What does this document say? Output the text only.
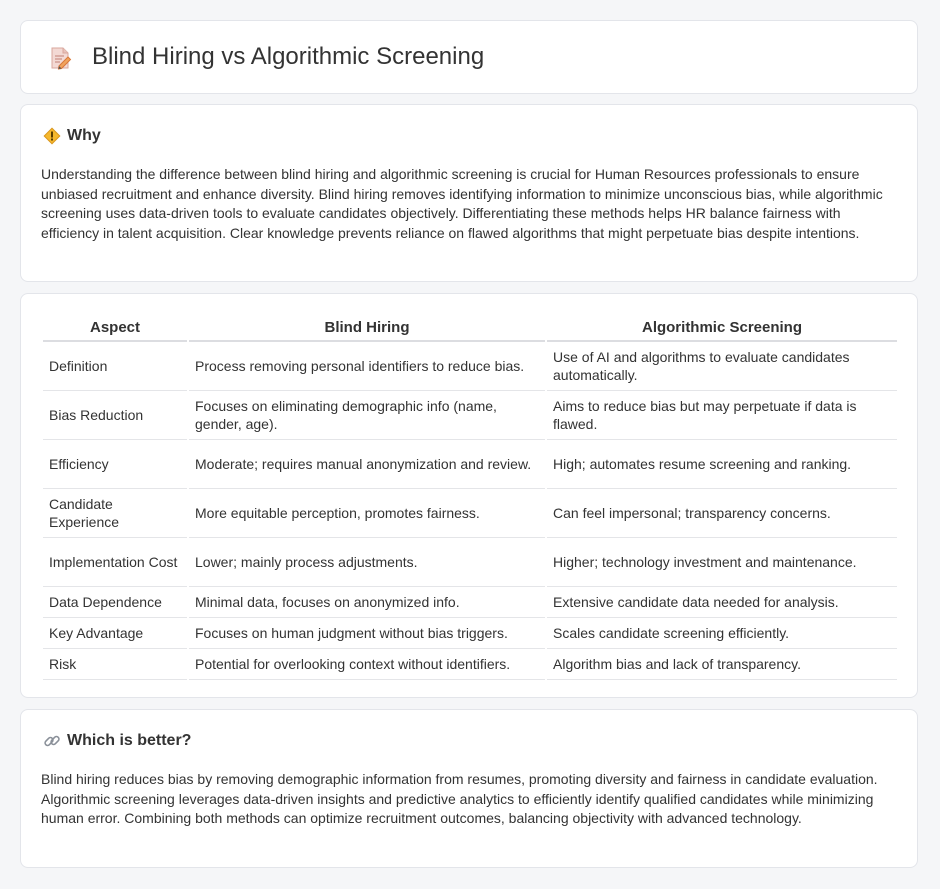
Blind Hiring vs Algorithmic Screening
Why

Understanding the difference between blind hiring and algorithmic screening is crucial for Human Resources professionals to ensure unbiased recruitment and enhance diversity. Blind hiring removes identifying information to minimize unconscious bias, while algorithmic screening uses data-driven tools to evaluate candidates objectively. Differentiating these methods helps HR balance fairness with efficiency in talent acquisition. Clear knowledge prevents reliance on flawed algorithms that might perpetuate bias despite intentions.

Aspect	Blind Hiring	Algorithmic Screening
Definition	Process removing personal identifiers to reduce bias.	Use of AI and algorithms to evaluate candidates automatically.
Bias Reduction	Focuses on eliminating demographic info (name, gender, age).	Aims to reduce bias but may perpetuate if data is flawed.
Efficiency	Moderate; requires manual anonymization and review.	High; automates resume screening and ranking.
Candidate Experience	More equitable perception, promotes fairness.	Can feel impersonal; transparency concerns.
Implementation Cost	Lower; mainly process adjustments.	Higher; technology investment and maintenance.
Data Dependence	Minimal data, focuses on anonymized info.	Extensive candidate data needed for analysis.
Key Advantage	Focuses on human judgment without bias triggers.	Scales candidate screening efficiently.
Risk	Potential for overlooking context without identifiers.	Algorithm bias and lack of transparency.
Which is better?

Blind hiring reduces bias by removing demographic information from resumes, promoting diversity and fairness in candidate evaluation. Algorithmic screening leverages data-driven insights and predictive analytics to efficiently identify qualified candidates while minimizing human error. Combining both methods can optimize recruitment outcomes, balancing objectivity with advanced technology.
